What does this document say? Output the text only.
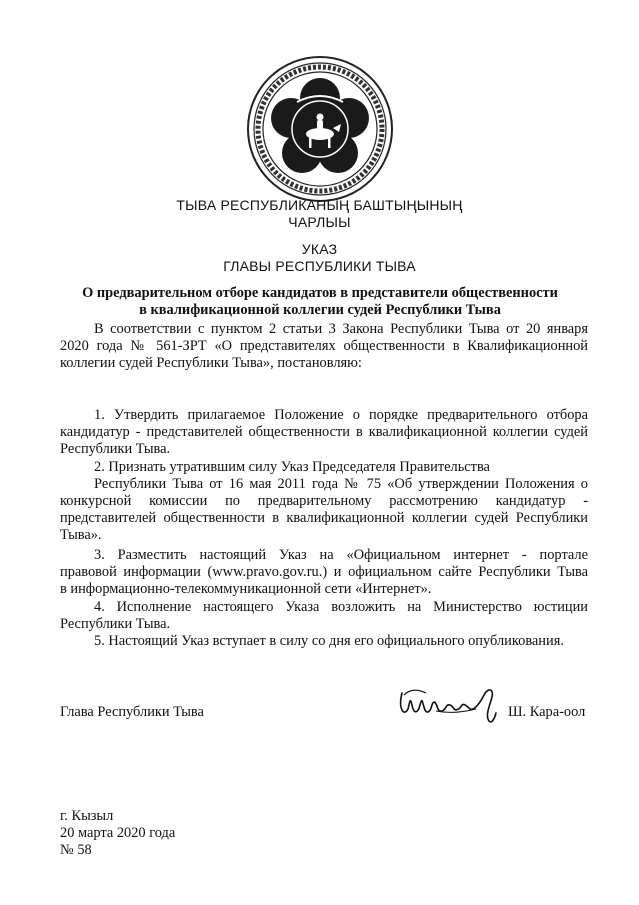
ТЫВА РЕСПУБЛИКАНЫҢ БАШТЫҢЫНЫҢ
ЧАРЛЫЫ
УКАЗ
ГЛАВЫ РЕСПУБЛИКИ ТЫВА
О предварительном отборе кандидатов в представители общественности
в квалификационной коллегии судей Республики Тыва
В соответствии с пунктом 2 статьи 3 Закона Республики Тыва от 20 января
2020 года № 561-ЗРТ «О представителях общественности в Квалификационной
коллегии судей Республики Тыва», постановляю:
1. Утвердить прилагаемое Положение о порядке предварительного отбора
кандидатур - представителей общественности в квалификационной коллегии судей
Республики Тыва.
2. Признать утратившим силу Указ Председателя Правительства
Республики Тыва от 16 мая 2011 года № 75 «Об утверждении Положения о
конкурсной комиссии по предварительному рассмотрению кандидатур -
представителей общественности в квалификационной коллегии судей Республики
Тыва».
3. Разместить настоящий Указ на «Официальном интернет - портале
правовой информации (www.pravo.gov.ru.) и официальном сайте Республики Тыва
в информационно-телекоммуникационной сети «Интернет».
4. Исполнение настоящего Указа возложить на Министерство юстиции
Республики Тыва.
5. Настоящий Указ вступает в силу со дня его официального опубликования.
Глава Республики Тыва	Ш. Кара-оол
г. Кызыл
20 марта 2020 года
№ 58
